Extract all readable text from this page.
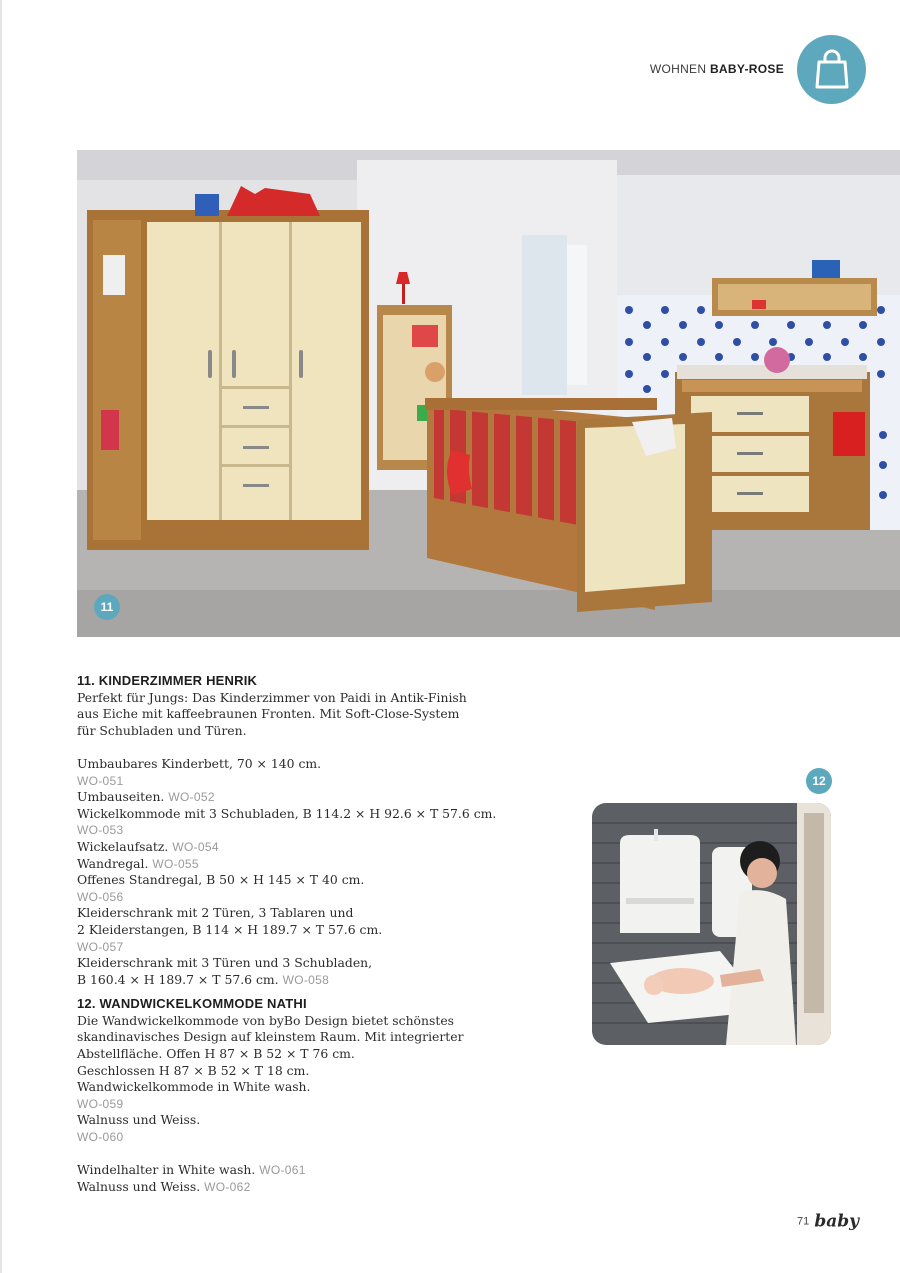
WOHNEN BABY-ROSE
11
12
11. KINDERZIMMER HENRIK
Perfekt für Jungs: Das Kinderzimmer von Paidi in Antik-Finish
aus Eiche mit kaffeebraunen Fronten. Mit Soft-Close-System
für Schubladen und Türen.
Umbaubares Kinderbett, 70 × 140 cm.
WO-051
Umbauseiten. WO-052
Wickelkommode mit 3 Schubladen, B 114.2 × H 92.6 × T 57.6 cm.
WO-053
Wickelaufsatz. WO-054
Wandregal. WO-055
Offenes Standregal, B 50 × H 145 × T 40 cm.
WO-056
Kleiderschrank mit 2 Türen, 3 Tablaren und
2 Kleiderstangen, B 114 × H 189.7 × T 57.6 cm.
WO-057
Kleiderschrank mit 3 Türen und 3 Schubladen,
B 160.4 × H 189.7 × T 57.6 cm. WO-058
12. WANDWICKELKOMMODE NATHI
Die Wandwickelkommode von byBo Design bietet schönstes
skandinavisches Design auf kleinstem Raum. Mit integrierter
Abstellfläche. Offen H 87 × B 52 × T 76 cm.
Geschlossen H 87 × B 52 × T 18 cm.
Wandwickelkommode in White wash.
WO-059
Walnuss und Weiss.
WO-060
Windelhalter in White wash. WO-061
Walnuss und Weiss. WO-062
71 baby
